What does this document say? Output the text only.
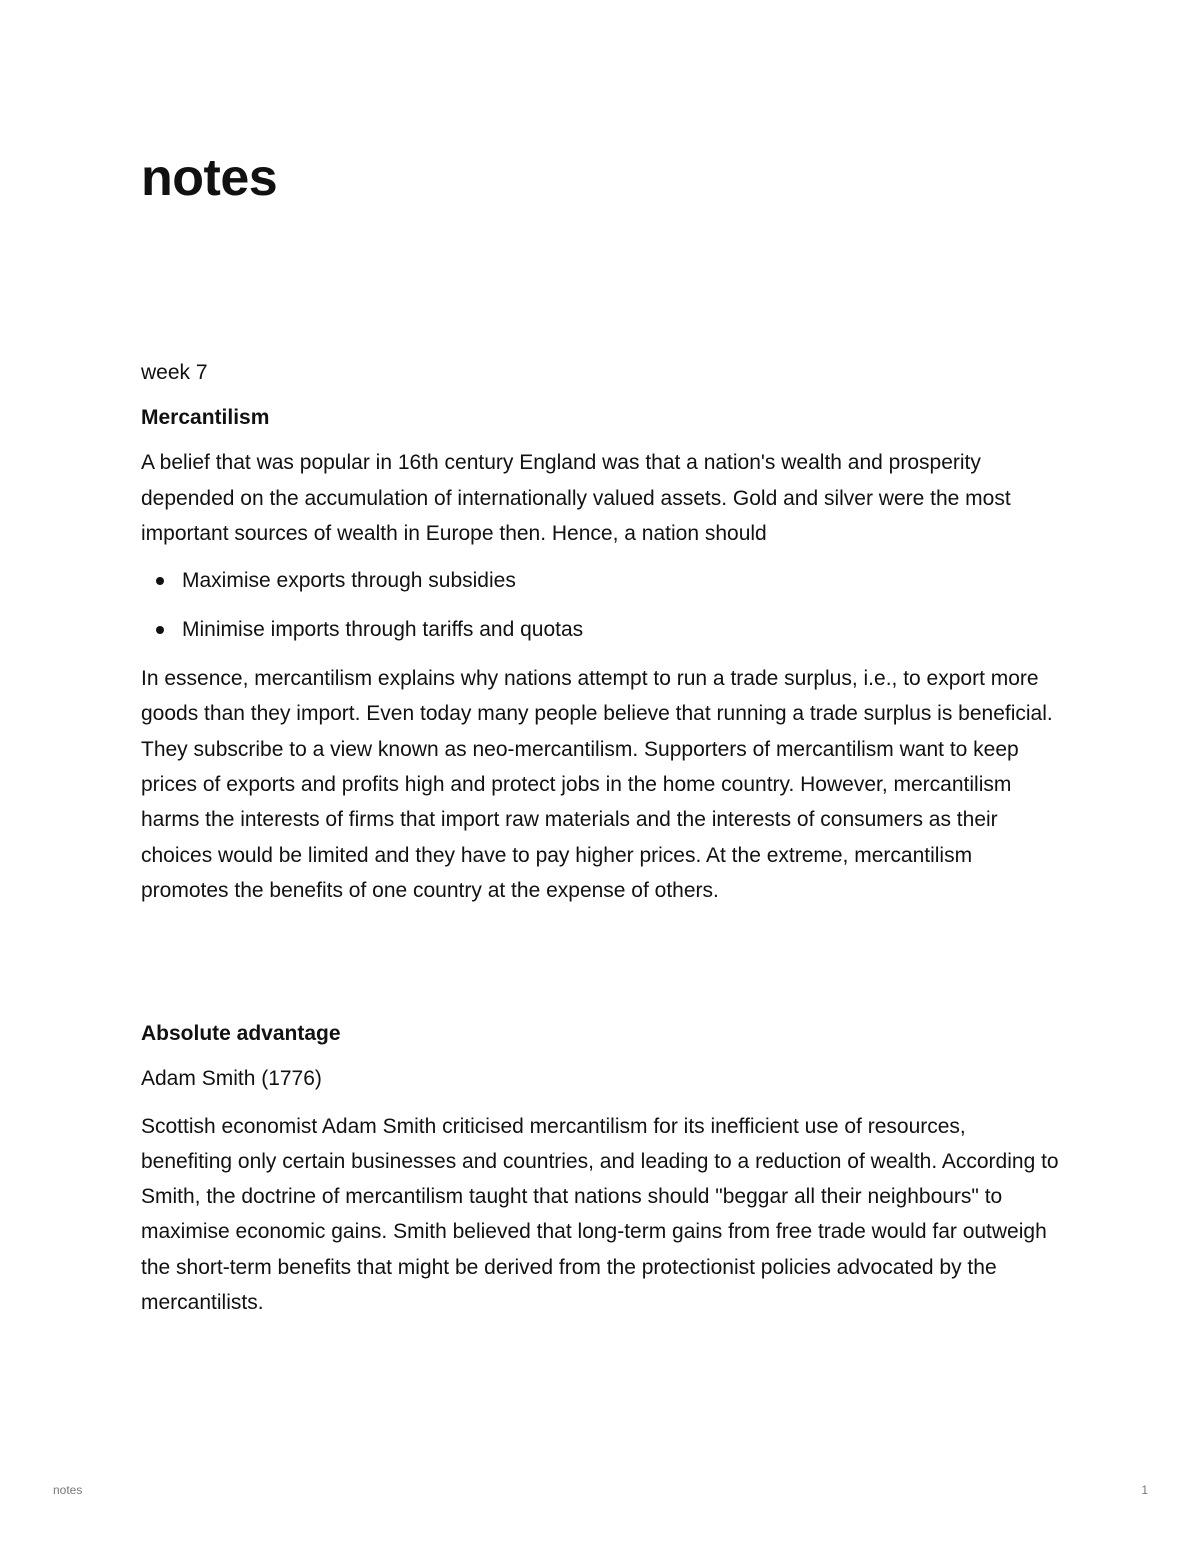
notes

week 7

Mercantilism

A belief that was popular in 16th century England was that a nation's wealth and prosperity depended on the accumulation of internationally valued assets. Gold and silver were the most important sources of wealth in Europe then. Hence, a nation should

Maximise exports through subsidies
Minimise imports through tariffs and quotas

In essence, mercantilism explains why nations attempt to run a trade surplus, i.e., to export more goods than they import. Even today many people believe that running a trade surplus is beneficial. They subscribe to a view known as neo-mercantilism. Supporters of mercantilism want to keep prices of exports and profits high and protect jobs in the home country. However, mercantilism harms the interests of firms that import raw materials and the interests of consumers as their choices would be limited and they have to pay higher prices. At the extreme, mercantilism promotes the benefits of one country at the expense of others.

Absolute advantage

Adam Smith (1776)

Scottish economist Adam Smith criticised mercantilism for its inefficient use of resources, benefiting only certain businesses and countries, and leading to a reduction of wealth. According to Smith, the doctrine of mercantilism taught that nations should "beggar all their neighbours" to maximise economic gains. Smith believed that long-term gains from free trade would far outweigh the short-term benefits that might be derived from the protectionist policies advocated by the mercantilists.

notes	1
